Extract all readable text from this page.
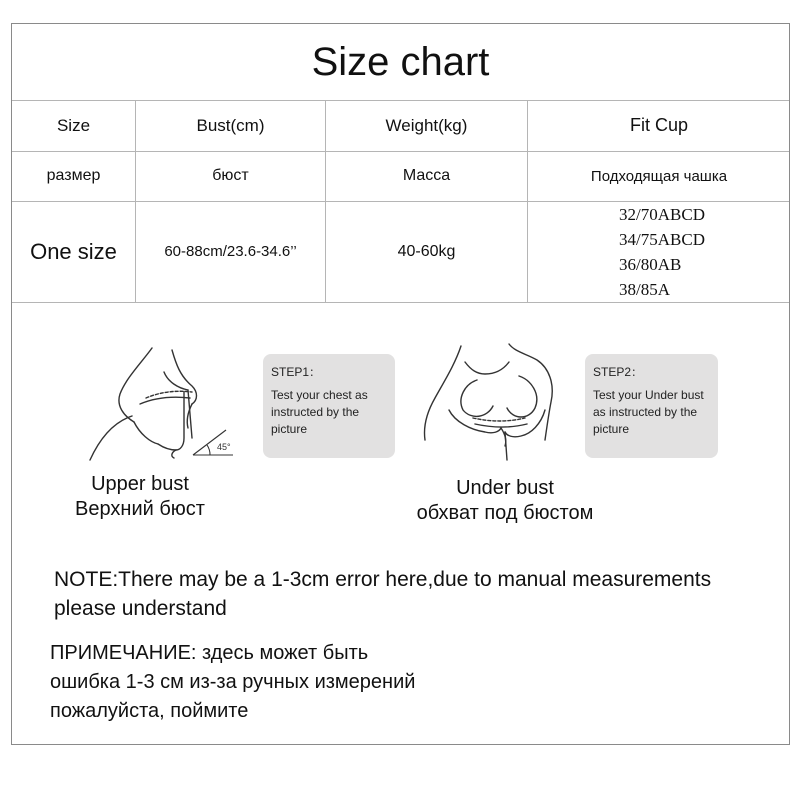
Size chart
Size	Bust(cm)	Weight(kg)	Fit Cup
размер	бюст	Масса	Подходящая чашка
One size	60-88cm/23.6-34.6’’	40-60kg
32/70ABCD
34/75ABCD
36/80AB
38/85A
45°
STEP1：
Test your chest as instructed by the picture
Upper bust
Верхний бюст
STEP2：
Test your Under bust as instructed by the picture
Under bust
обхват под бюстом
NOTE:There may be a 1-3cm error here,due to manual measurements please understand
ПРИМЕЧАНИЕ: здесь может быть
ошибка 1-3 см из-за ручных измерений
пожалуйста, поймите
